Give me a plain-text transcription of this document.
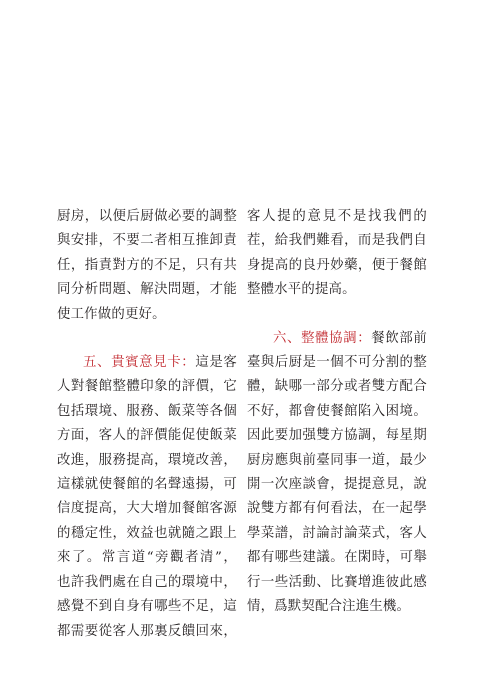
厨房，以便后厨做必要的調整
與安排，不要二者相互推卸責
任，指責對方的不足，只有共
同分析問題、解決問題，才能
使工作做的更好。
五、貴賓意見卡：這是客
人對餐館整體印象的評價，它
包括環境、服務、飯菜等各個
方面，客人的評價能促使飯菜
改進，服務提高，環境改善，
這樣就使餐館的名聲遠揚，可
信度提高，大大增加餐館客源
的穩定性，效益也就隨之跟上
來了。常言道“旁觀者清”，
也許我們處在自己的環境中，
感覺不到自身有哪些不足，這
都需要從客人那裏反饋回來，
客人提的意見不是找我們的
茬，給我們難看，而是我們自
身提高的良丹妙藥，便于餐館
整體水平的提高。
六、整體協調：餐飲部前
臺與后厨是一個不可分割的整
體，缺哪一部分或者雙方配合
不好，都會使餐館陷入困境。
因此要加强雙方協調，每星期
厨房應與前臺同事一道，最少
開一次座談會，提提意見，說
說雙方都有何看法，在一起學
學菜譜，討論討論菜式，客人
都有哪些建議。在閑時，可舉
行一些活動、比賽增進彼此感
情，爲默契配合注進生機。
